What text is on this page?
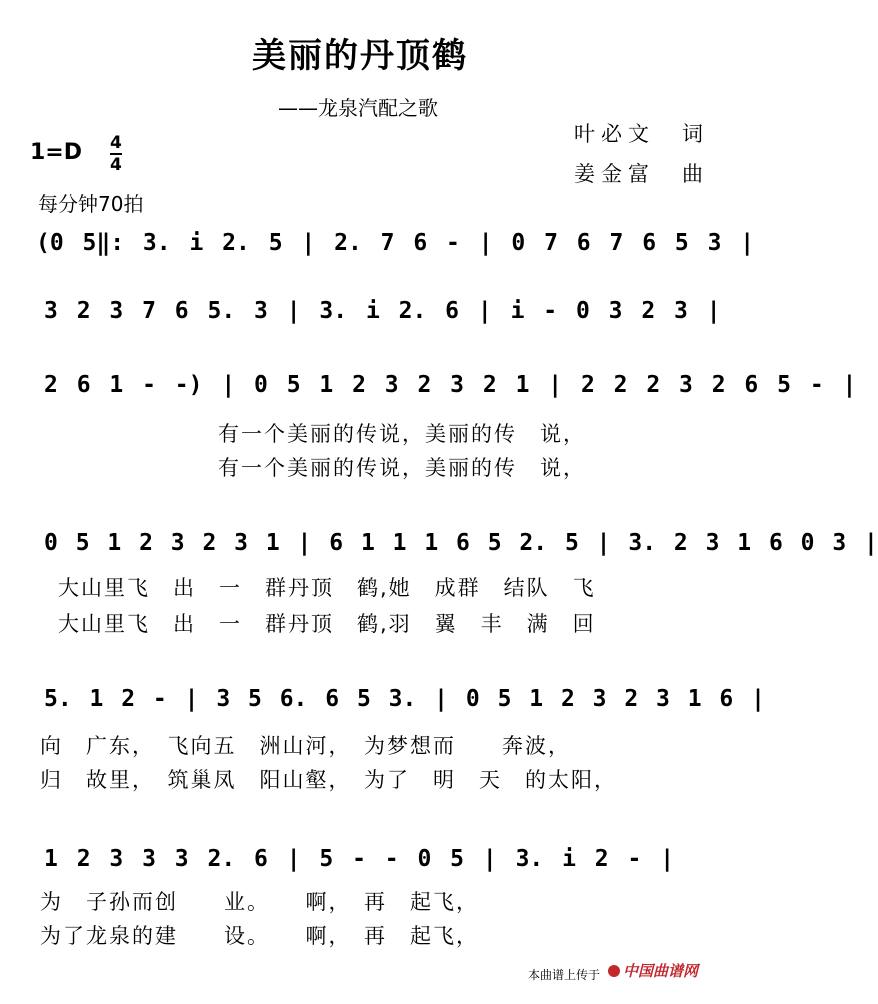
美丽的丹顶鹤
——龙泉汽配之歌
叶必文　词
姜金富　曲
1=D 4
4
每分钟70拍
(0 5‖: 3. i 2. 5 | 2. 7 6 - | 0 7 6 7 6 5 3 |
3 2 3 7 6 5. 3 | 3. i 2. 6 | i - 0 3 2 3 |
2 6 1 - -) | 0 5 1 2 3 2 3 2 1 | 2 2 2 3 2 6 5 - |
有一个美丽的传说，美丽的传　说，
有一个美丽的传说，美丽的传　说，
0 5 1 2 3 2 3 1 | 6 1 1 1 6 5 2. 5 | 3. 2 3 1 6 0 3 |
大山里飞　出　一　群丹顶　鹤,她　成群　结队　飞
大山里飞　出　一　群丹顶　鹤,羽　翼　丰　满　回
5. 1 2 - | 3 5 6. 6 5 3. | 0 5 1 2 3 2 3 1 6 |
向　广东，　飞向五　洲山河，　为梦想而　　奔波，
归　故里，　筑巢凤　阳山壑，　为了　明　天　的太阳，
1 2 3 3 3 2. 6 | 5 - - 0 5 | 3. i 2 - |
为　子孙而创　　业。　　啊，　再　起飞，
为了龙泉的建　　设。　　啊，　再　起飞，
本曲谱上传于	中国曲谱网
